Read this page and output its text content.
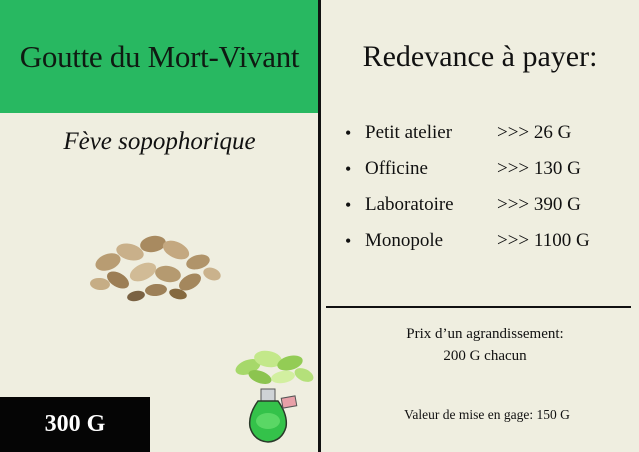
Goutte du Mort-Vivant
Fève sopophorique
300 G
Redevance à payer:
• Petit atelier	>>> 26 G
• Officine	>>> 130 G
• Laboratoire	>>> 390 G
• Monopole	>>> 1100 G
Prix d’un agrandissement:
200 G chacun
Valeur de mise en gage: 150 G
